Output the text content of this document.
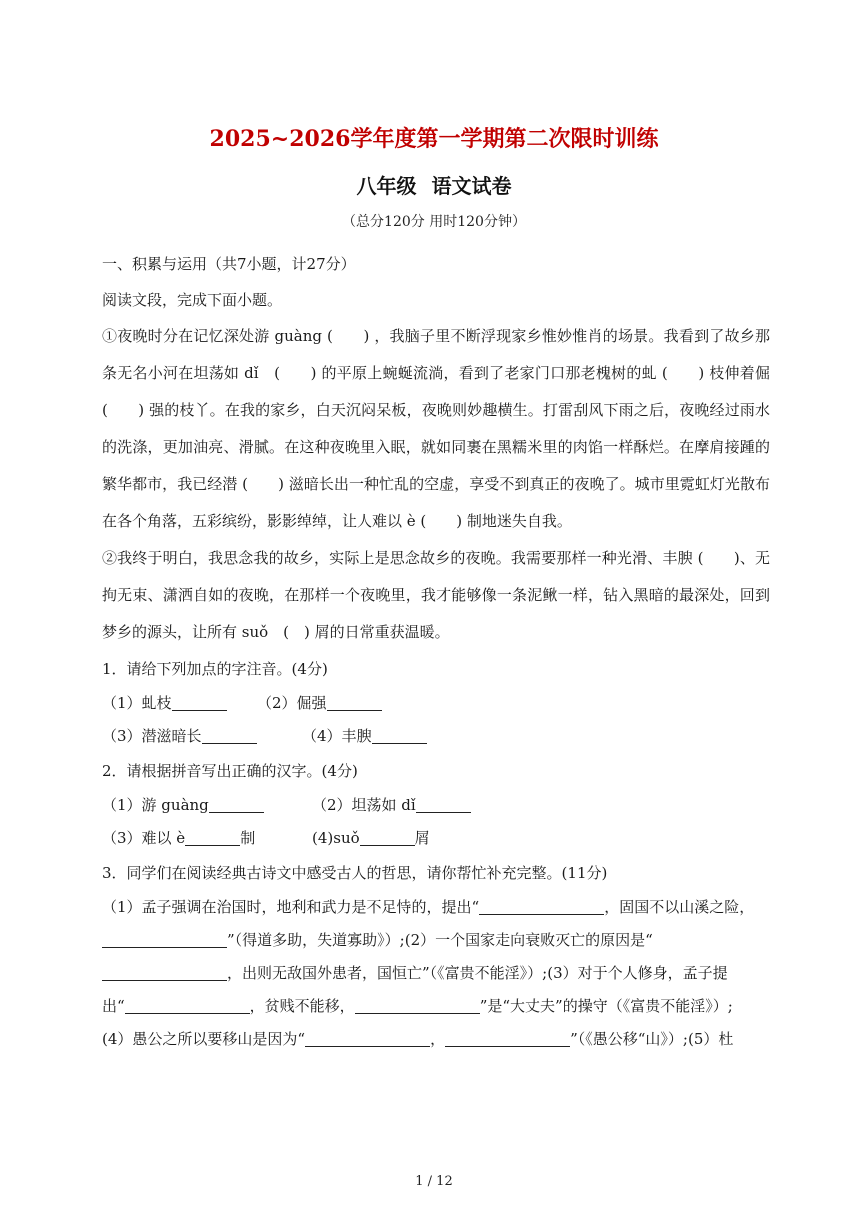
2025~2026学年度第一学期第二次限时训练
八年级 语文试卷
（总分120分 用时120分钟）
一、积累与运用（共7小题，计27分）
阅读文段，完成下面小题。
①夜晚时分在记忆深处游 guàng (　　) ，我脑子里不断浮现家乡惟妙惟肖的场景。我看到了故乡那条无名小河在坦荡如 dǐ　(　　) 的平原上蜿蜒流淌，看到了老家门口那老槐树的虬 (　　) 枝伸着倔 (　　) 强的枝丫。在我的家乡，白天沉闷呆板，夜晚则妙趣横生。打雷刮风下雨之后，夜晚经过雨水的洗涤，更加油亮、滑腻。在这种夜晚里入眠，就如同裹在黑糯米里的肉馅一样酥烂。在摩肩接踵的繁华都市，我已经潜 (　　) 滋暗长出一种忙乱的空虚，享受不到真正的夜晚了。城市里霓虹灯光散布在各个角落，五彩缤纷，影影绰绰，让人难以 è (　　) 制地迷失自我。
②我终于明白，我思念我的故乡，实际上是思念故乡的夜晚。我需要那样一种光滑、丰腴 (　　)、无拘无束、潇洒自如的夜晚，在那样一个夜晚里，我才能够像一条泥鳅一样，钻入黑暗的最深处，回到梦乡的源头，让所有 suǒ　(　) 屑的日常重获温暖。
1．请给下列加点的字注音。(4分)
（1）虬枝	（2）倔强
（3）潜滋暗长	（4）丰腴
2．请根据拼音写出正确的汉字。(4分)
（1）游 guàng	（2）坦荡如 dǐ
（3）难以 è	制	(4)suǒ	屑
3．同学们在阅读经典古诗文中感受古人的哲思，请你帮忙补充完整。(11分)
（1）孟子强调在治国时，地利和武力是不足恃的，提出“	，固国不以山溪之险，
”（得道多助，失道寡助》）;(2）一个国家走向衰败灭亡的原因是“
，出则无敌国外患者，国恒亡”（《富贵不能淫》）;(3）对于个人修身，孟子提
出“	，贫贱不能移，	”是“大丈夫”的操守（《富贵不能淫》）;
(4）愚公之所以要移山是因为“	，	”（《愚公移“山》）;(5）杜
1 / 12
